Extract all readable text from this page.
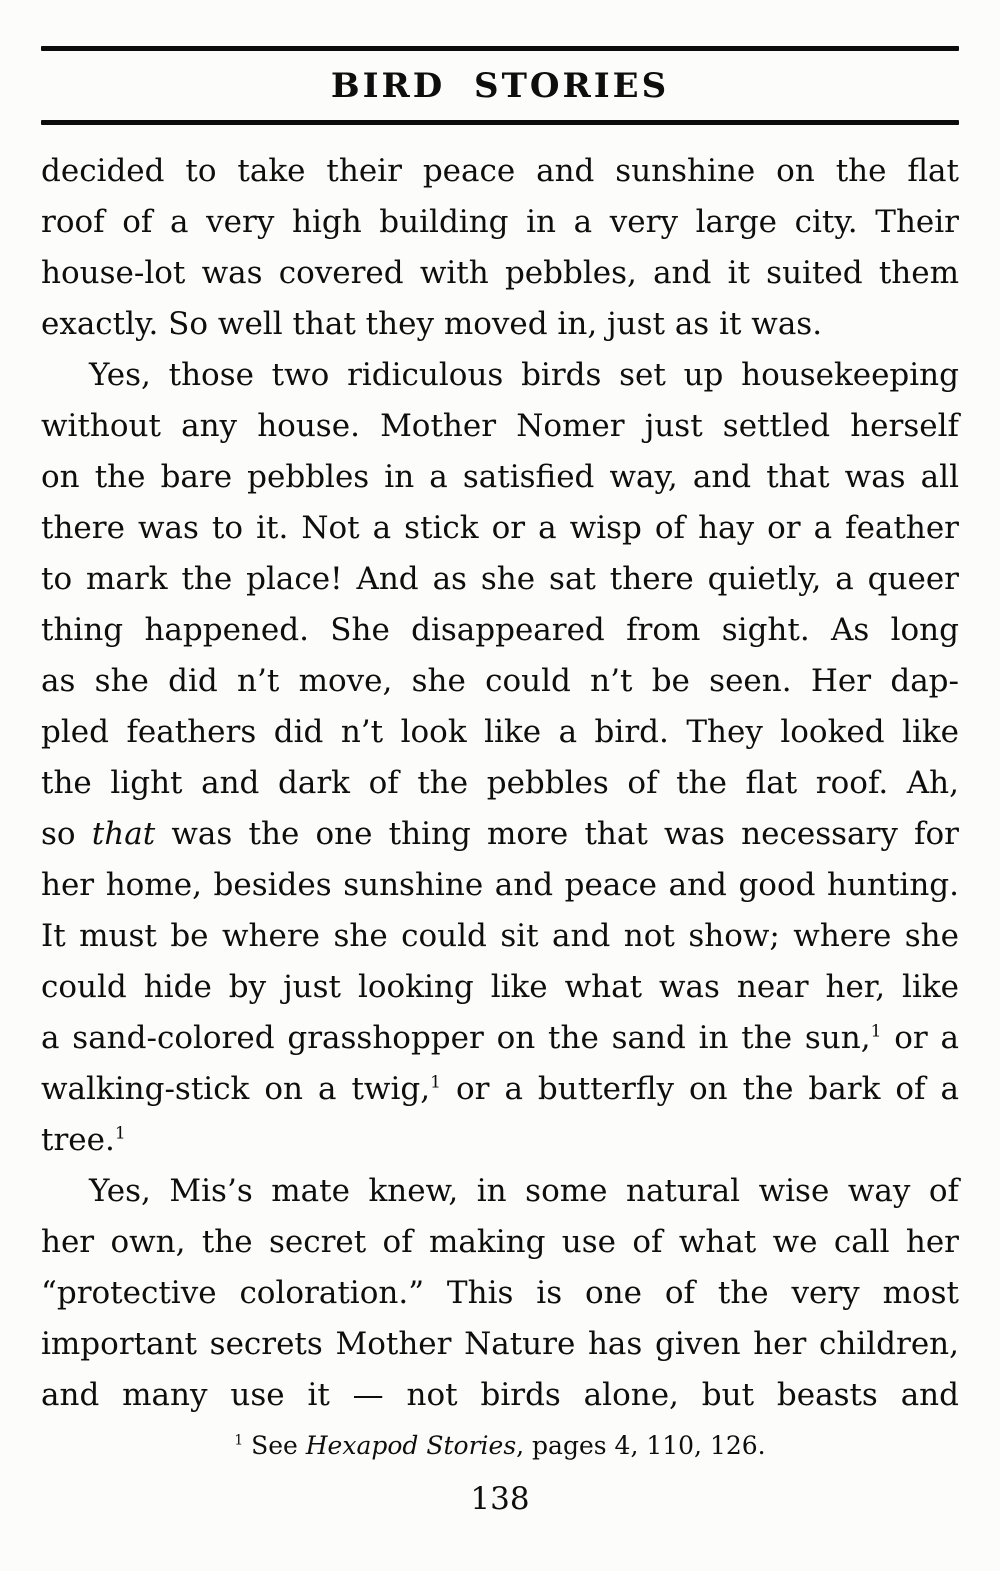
BIRD STORIES
decided to take their peace and sunshine on the flat
roof of a very high building in a very large city. Their
house-lot was covered with pebbles, and it suited them
exactly. So well that they moved in, just as it was.
Yes, those two ridiculous birds set up housekeeping
without any house. Mother Nomer just settled herself
on the bare pebbles in a satisfied way, and that was all
there was to it. Not a stick or a wisp of hay or a feather
to mark the place! And as she sat there quietly, a queer
thing happened. She disappeared from sight. As long
as she did n’t move, she could n’t be seen. Her dap-
pled feathers did n’t look like a bird. They looked like
the light and dark of the pebbles of the flat roof. Ah,
so that was the one thing more that was necessary for
her home, besides sunshine and peace and good hunting.
It must be where she could sit and not show; where she
could hide by just looking like what was near her, like
a sand-colored grasshopper on the sand in the sun,$^1$ or a
walking-stick on a twig,$^1$ or a butterfly on the bark of a
tree.$^1$
Yes, Mis’s mate knew, in some natural wise way of
her own, the secret of making use of what we call her
“protective coloration.” This is one of the very most
important secrets Mother Nature has given her children,
and many use it — not birds alone, but beasts and
$^1$ See Hexapod Stories, pages 4, 110, 126.
138
